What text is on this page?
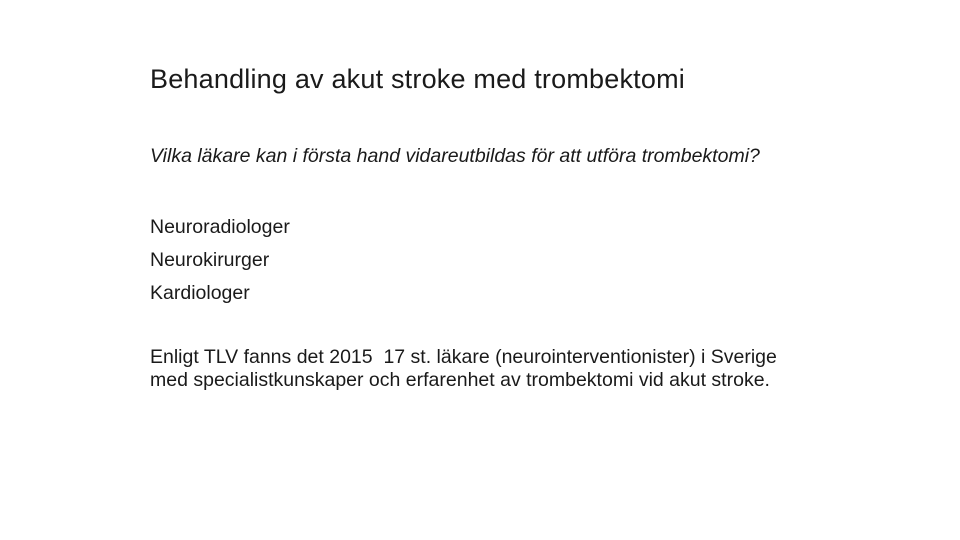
Behandling av akut stroke med trombektomi
Vilka läkare kan i första hand vidareutbildas för att utföra trombektomi?
Neuroradiologer
Neurokirurger
Kardiologer
Enligt TLV fanns det 2015  17 st. läkare (neurointerventionister) i Sverige
med specialistkunskaper och erfarenhet av trombektomi vid akut stroke.
